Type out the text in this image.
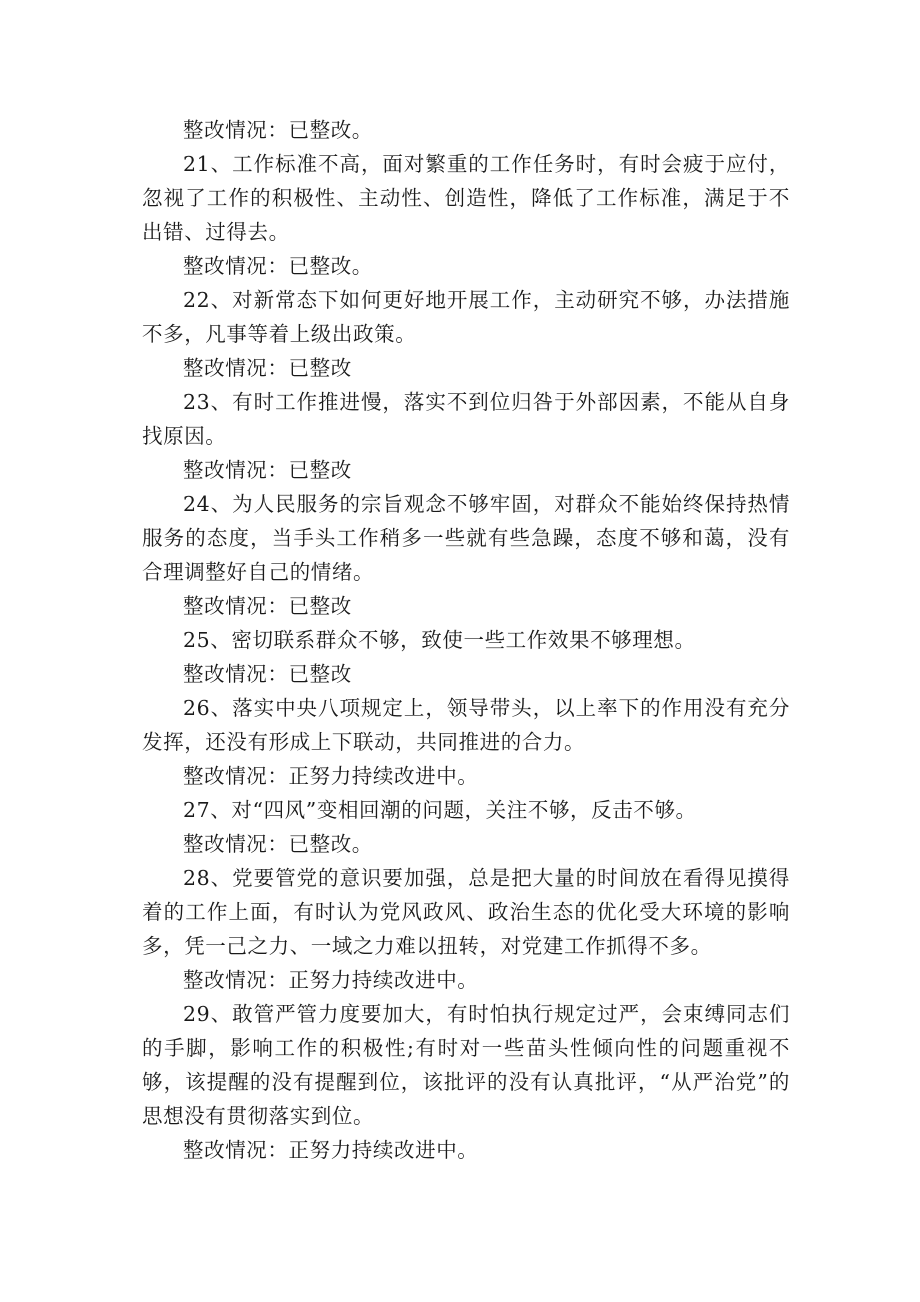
整改情况：已整改。

21、工作标准不高，面对繁重的工作任务时，有时会疲于应付，忽视了工作的积极性、主动性、创造性，降低了工作标准，满足于不出错、过得去。

整改情况：已整改。

22、对新常态下如何更好地开展工作，主动研究不够，办法措施不多，凡事等着上级出政策。

整改情况：已整改

23、有时工作推进慢，落实不到位归咎于外部因素，不能从自身找原因。

整改情况：已整改

24、为人民服务的宗旨观念不够牢固，对群众不能始终保持热情服务的态度，当手头工作稍多一些就有些急躁，态度不够和蔼，没有合理调整好自己的情绪。

整改情况：已整改

25、密切联系群众不够，致使一些工作效果不够理想。

整改情况：已整改

26、落实中央八项规定上，领导带头，以上率下的作用没有充分发挥，还没有形成上下联动，共同推进的合力。

整改情况：正努力持续改进中。

27、对“四风”变相回潮的问题，关注不够，反击不够。

整改情况：已整改。

28、党要管党的意识要加强，总是把大量的时间放在看得见摸得着的工作上面，有时认为党风政风、政治生态的优化受大环境的影响多，凭一己之力、一域之力难以扭转，对党建工作抓得不多。

整改情况：正努力持续改进中。

29、敢管严管力度要加大，有时怕执行规定过严，会束缚同志们的手脚，影响工作的积极性;有时对一些苗头性倾向性的问题重视不够，该提醒的没有提醒到位，该批评的没有认真批评，“从严治党”的思想没有贯彻落实到位。

整改情况：正努力持续改进中。
